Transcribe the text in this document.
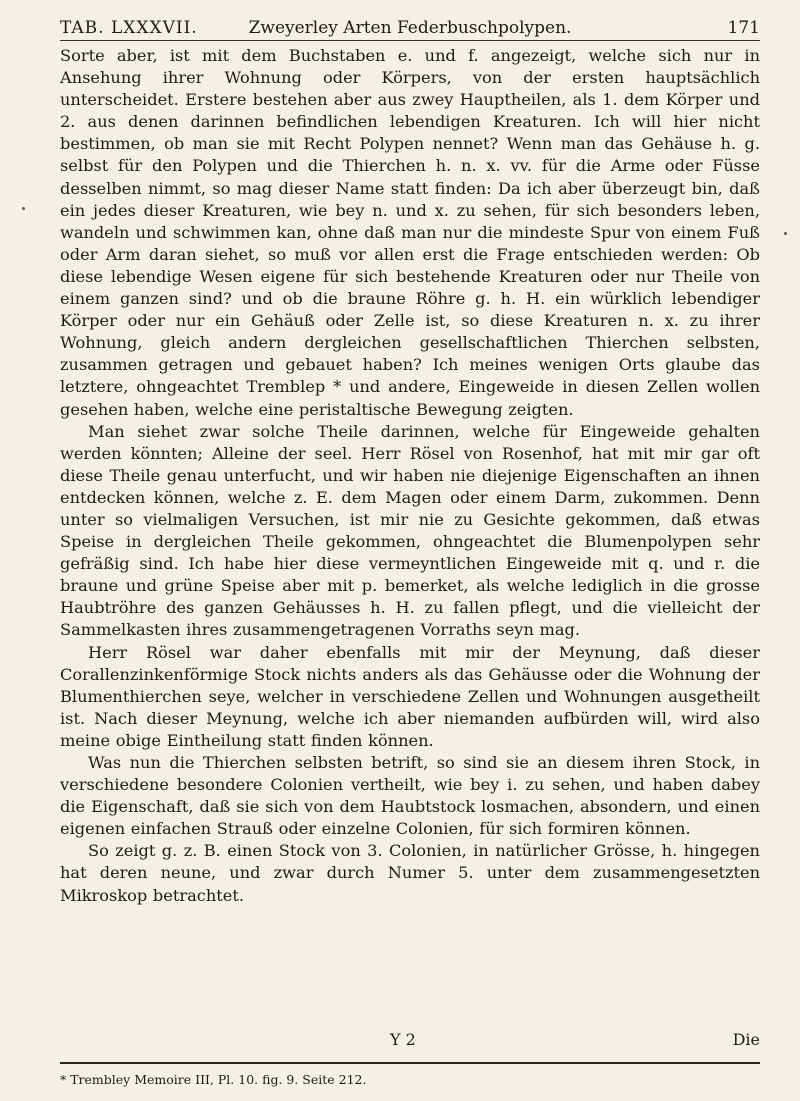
TAB. LXXXVII.	Zweyerley Arten Federbuschpolypen.	171

Sorte aber, ist mit dem Buchstaben e. und f. angezeigt, welche sich nur in Ansehung ihrer Wohnung oder Körpers, von der ersten hauptsächlich unterscheidet. Erstere bestehen aber aus zwey Hauptheilen, als 1. dem Körper und 2. aus denen darinnen befindlichen lebendigen Kreaturen. Ich will hier nicht bestimmen, ob man sie mit Recht Polypen nennet? Wenn man das Gehäuse h. g. selbst für den Polypen und die Thierchen h. n. x. vv. für die Arme oder Füsse desselben nimmt, so mag dieser Name statt finden: Da ich aber überzeugt bin, daß ein jedes dieser Kreaturen, wie bey n. und x. zu sehen, für sich besonders leben, wandeln und schwimmen kan, ohne daß man nur die mindeste Spur von einem Fuß oder Arm daran siehet, so muß vor allen erst die Frage entschieden werden: Ob diese lebendige Wesen eigene für sich bestehende Kreaturen oder nur Theile von einem ganzen sind? und ob die braune Röhre g. h. H. ein würklich lebendiger Körper oder nur ein Gehäuß oder Zelle ist, so diese Kreaturen n. x. zu ihrer Wohnung, gleich andern dergleichen gesellschaftlichen Thierchen selbsten, zusammen getragen und gebauet haben? Ich meines wenigen Orts glaube das letztere, ohngeachtet Tremblep * und andere, Eingeweide in diesen Zellen wollen gesehen haben, welche eine peristaltische Bewegung zeigten.

Man siehet zwar solche Theile darinnen, welche für Eingeweide gehalten werden könnten; Alleine der seel. Herr Rösel von Rosenhof, hat mit mir gar oft diese Theile genau unterfucht, und wir haben nie diejenige Eigenschaften an ihnen entdecken können, welche z. E. dem Magen oder einem Darm, zukommen. Denn unter so vielmaligen Versuchen, ist mir nie zu Gesichte gekommen, daß etwas Speise in dergleichen Theile gekommen, ohngeachtet die Blumenpolypen sehr gefräßig sind. Ich habe hier diese vermeyntlichen Eingeweide mit q. und r. die braune und grüne Speise aber mit p. bemerket, als welche lediglich in die grosse Haubtröhre des ganzen Gehäusses h. H. zu fallen pflegt, und die vielleicht der Sammelkasten ihres zusammengetragenen Vorraths seyn mag.

Herr Rösel war daher ebenfalls mit mir der Meynung, daß dieser Corallenzinkenförmige Stock nichts anders als das Gehäusse oder die Wohnung der Blumenthierchen seye, welcher in verschiedene Zellen und Wohnungen ausgetheilt ist. Nach dieser Meynung, welche ich aber niemanden aufbürden will, wird also meine obige Eintheilung statt finden können.

Was nun die Thierchen selbsten betrift, so sind sie an diesem ihren Stock, in verschiedene besondere Colonien vertheilt, wie bey i. zu sehen, und haben dabey die Eigenschaft, daß sie sich von dem Haubtstock losmachen, absondern, und einen eigenen einfachen Strauß oder einzelne Colonien, für sich formiren können.

So zeigt g. z. B. einen Stock von 3. Colonien, in natürlicher Grösse, h. hingegen hat deren neune, und zwar durch Numer 5. unter dem zusammengesetzten Mikroskop betrachtet.

Y 2	Die
* Trembley Memoire III, Pl. 10. fig. 9. Seite 212.
